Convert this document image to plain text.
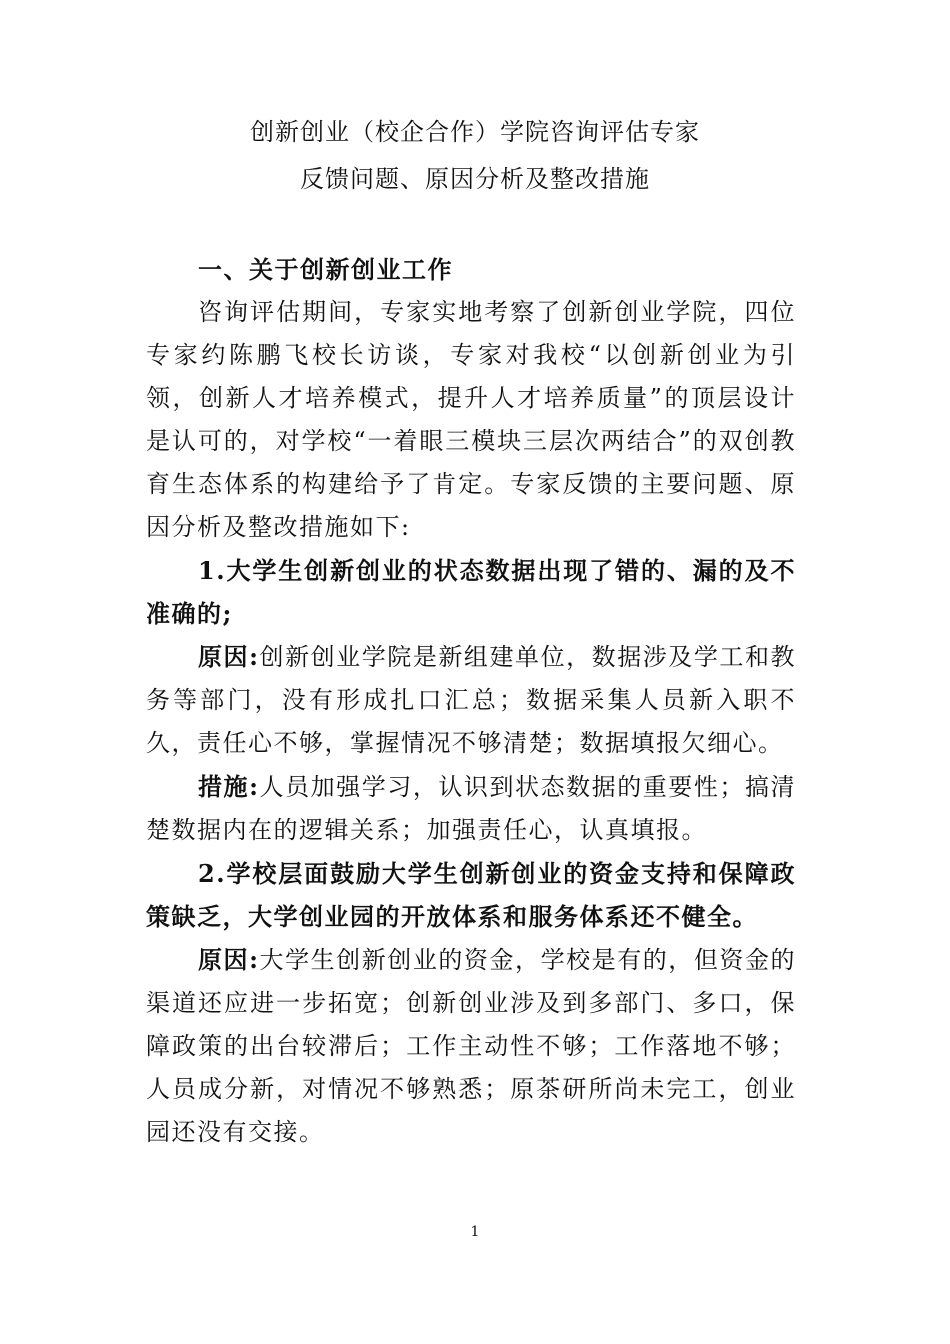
创新创业（校企合作）学院咨询评估专家
反馈问题、原因分析及整改措施

一、关于创新创业工作

咨询评估期间，专家实地考察了创新创业学院，四位专家约陈鹏飞校长访谈，专家对我校“以创新创业为引领，创新人才培养模式，提升人才培养质量”的顶层设计是认可的，对学校“一着眼三模块三层次两结合”的双创教育生态体系的构建给予了肯定。专家反馈的主要问题、原因分析及整改措施如下:

1.大学生创新创业的状态数据出现了错的、漏的及不准确的;

原因:创新创业学院是新组建单位，数据涉及学工和教务等部门，没有形成扎口汇总；数据采集人员新入职不久，责任心不够，掌握情况不够清楚；数据填报欠细心。

措施:人员加强学习，认识到状态数据的重要性；搞清楚数据内在的逻辑关系；加强责任心，认真填报。

2.学校层面鼓励大学生创新创业的资金支持和保障政策缺乏，大学创业园的开放体系和服务体系还不健全。

原因:大学生创新创业的资金，学校是有的，但资金的渠道还应进一步拓宽；创新创业涉及到多部门、多口，保障政策的出台较滞后；工作主动性不够；工作落地不够；人员成分新，对情况不够熟悉；原茶研所尚未完工，创业园还没有交接。

1
